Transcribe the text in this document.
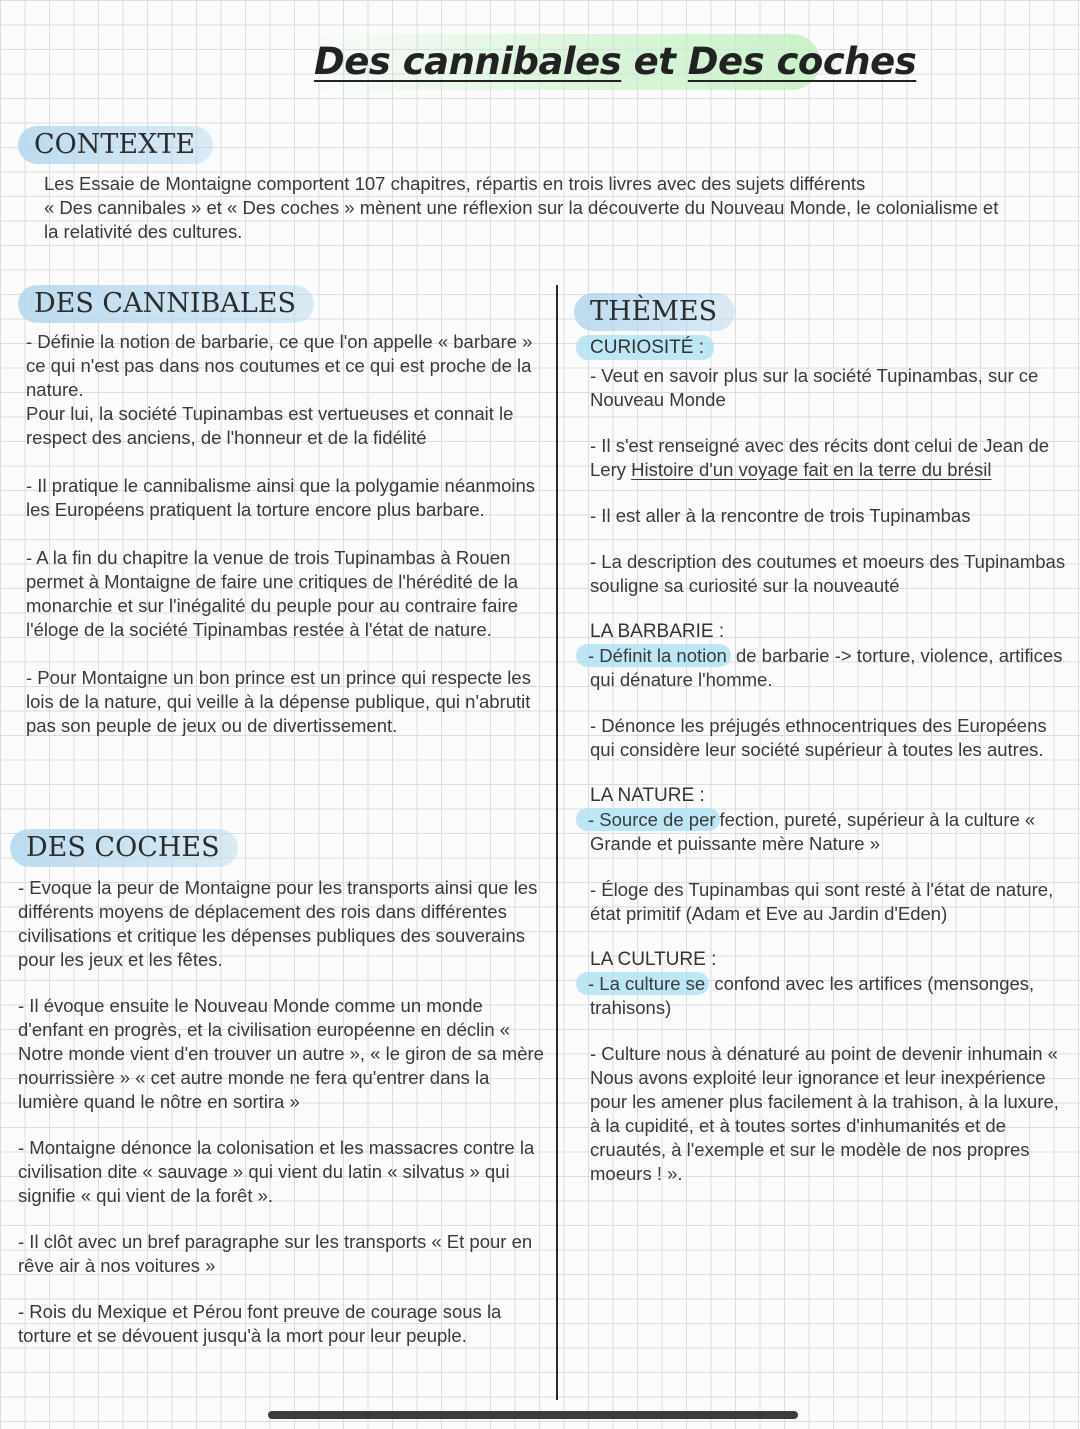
Des cannibales et Des coches
CONTEXTE
Les Essaie de Montaigne comportent 107 chapitres, répartis en trois livres avec des sujets différents
« Des cannibales » et « Des coches » mènent une réflexion sur la découverte du Nouveau Monde, le colonialisme et
la relativité des cultures.
DES CANNIBALES
- Définie la notion de barbarie, ce que l'on appelle « barbare » ce qui n'est pas dans nos coutumes et ce qui est proche de la nature.
Pour lui, la société Tupinambas est vertueuses et connait le respect des anciens, de l'honneur et de la fidélité
- Il pratique le cannibalisme ainsi que la polygamie néanmoins les Européens pratiquent la torture encore plus barbare.
- A la fin du chapitre la venue de trois Tupinambas à Rouen permet à Montaigne de faire une critiques de l'hérédité de la monarchie et sur l'inégalité du peuple pour au contraire faire l'éloge de la société Tipinambas restée à l'état de nature.
- Pour Montaigne un bon prince est un prince qui respecte les lois de la nature, qui veille à la dépense publique, qui n'abrutit pas son peuple de jeux ou de divertissement.
DES COCHES
- Evoque la peur de Montaigne pour les transports ainsi que les différents moyens de déplacement des rois dans différentes civilisations et critique les dépenses publiques des souverains pour les jeux et les fêtes.
- Il évoque ensuite le Nouveau Monde comme un monde d'enfant en progrès, et la civilisation européenne en déclin « Notre monde vient d'en trouver un autre », « le giron de sa mère nourrissière » « cet autre monde ne fera qu'entrer dans la lumière quand le nôtre en sortira »
- Montaigne dénonce la colonisation et les massacres contre la civilisation dite « sauvage » qui vient du latin « silvatus » qui signifie « qui vient de la forêt ».
- Il clôt avec un bref paragraphe sur les transports « Et pour en rêve air à nos voitures »
- Rois du Mexique et Pérou font preuve de courage sous la torture et se dévouent jusqu'à la mort pour leur peuple.
THÈMES
CURIOSITÉ :
- Veut en savoir plus sur la société Tupinambas, sur ce Nouveau Monde
- Il s'est renseigné avec des récits dont celui de Jean de Lery Histoire d'un voyage fait en la terre du brésil
- Il est aller à la rencontre de trois Tupinambas
- La description des coutumes et moeurs des Tupinambas souligne sa curiosité sur la nouveauté
LA BARBARIE :
- Définit la notion de barbarie -> torture, violence, artifices qui dénature l'homme.
- Dénonce les préjugés ethnocentriques des Européens qui considère leur société supérieur à toutes les autres.
LA NATURE :
- Source de per fection, pureté, supérieur à la culture « Grande et puissante mère Nature »
- Éloge des Tupinambas qui sont resté à l'état de nature, état primitif (Adam et Eve au Jardin d'Eden)
LA CULTURE :
- La culture se confond avec les artifices (mensonges, trahisons)
- Culture nous à dénaturé au point de devenir inhumain « Nous avons exploité leur ignorance et leur inexpérience pour les amener plus facilement à la trahison, à la luxure, à la cupidité, et à toutes sortes d'inhumanités et de cruautés, à l'exemple et sur le modèle de nos propres moeurs ! ».
